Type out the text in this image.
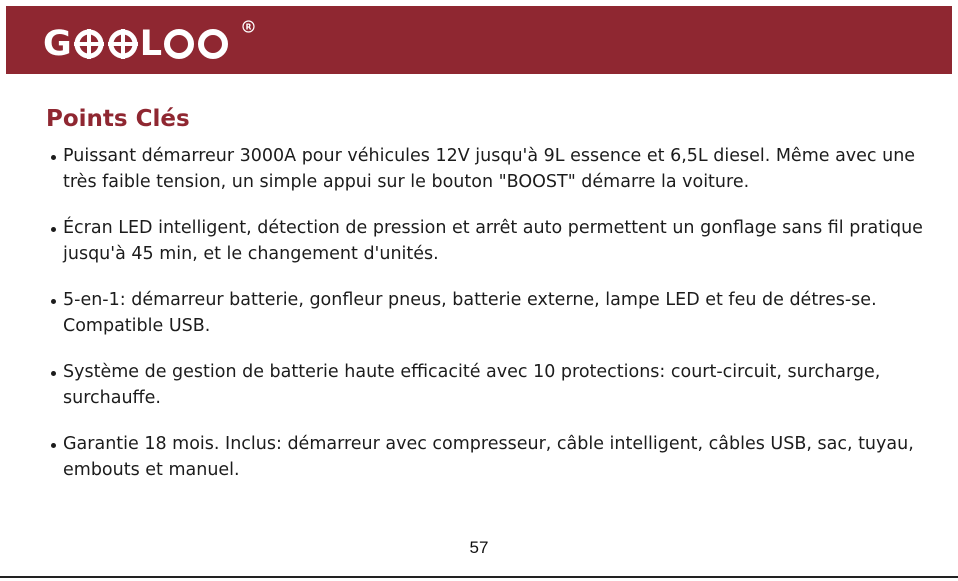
G L	R
Points Clés
Puissant démarreur 3000A pour véhicules 12V jusqu'à 9L essence et 6,5L diesel. Même avec une très faible tension, un simple appui sur le bouton "BOOST" démarre la voiture.
Écran LED intelligent, détection de pression et arrêt auto permettent un gonflage sans fil pratique jusqu'à 45 min, et le changement d'unités.
5-en-1: démarreur batterie, gonfleur pneus, batterie externe, lampe LED et feu de détres-se. Compatible USB.
Système de gestion de batterie haute efficacité avec 10 protections: court-circuit, surcharge, surchauffe.
Garantie 18 mois. Inclus: démarreur avec compresseur, câble intelligent, câbles USB, sac, tuyau, embouts et manuel.
57
